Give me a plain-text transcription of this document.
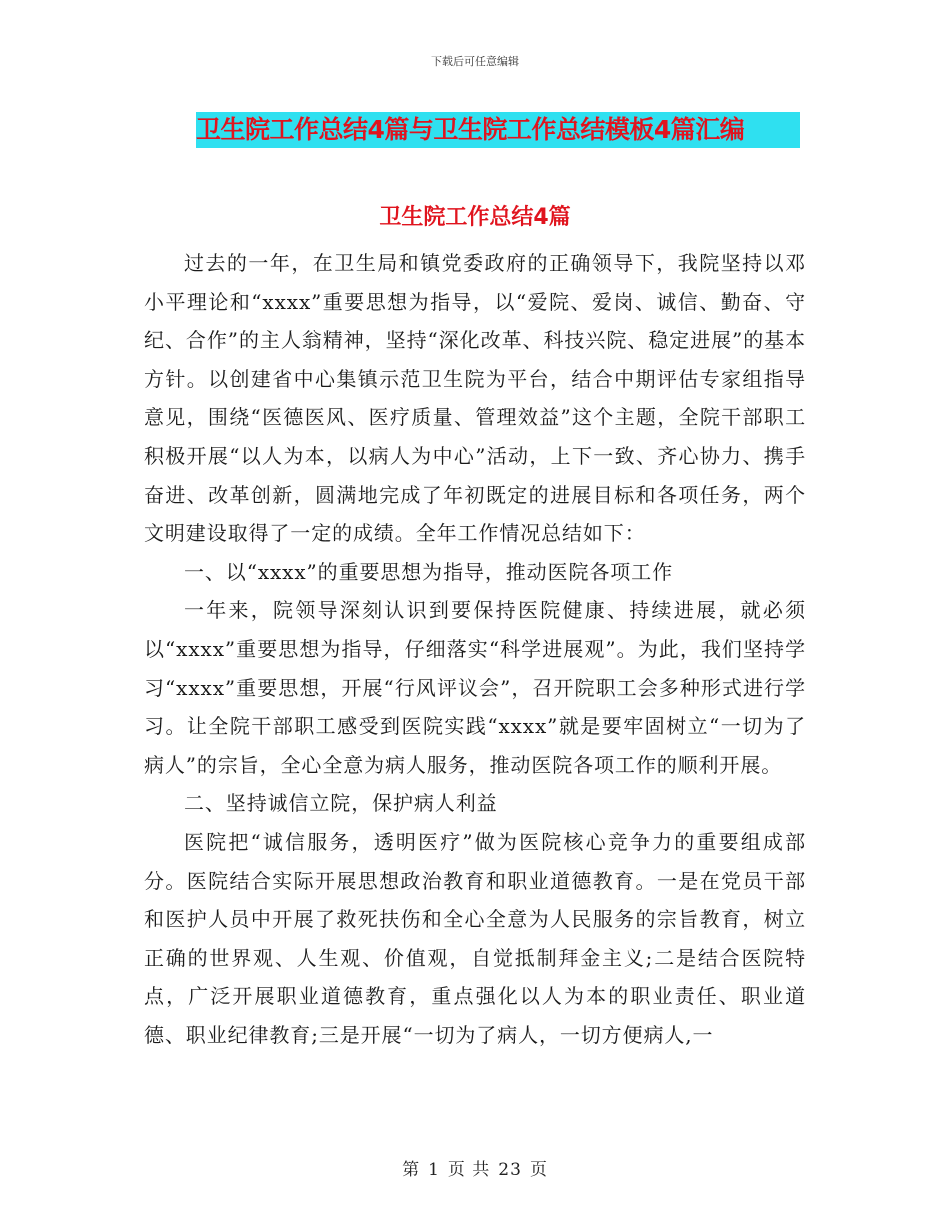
下载后可任意编辑
卫生院工作总结4篇与卫生院工作总结模板4篇汇编
卫生院工作总结4篇

过去的一年，在卫生局和镇党委政府的正确领导下，我院坚持以邓小平理论和“xxxx”重要思想为指导，以“爱院、爱岗、诚信、勤奋、守纪、合作”的主人翁精神，坚持“深化改革、科技兴院、稳定进展”的基本方针。以创建省中心集镇示范卫生院为平台，结合中期评估专家组指导意见，围绕“医德医风、医疗质量、管理效益”这个主题，全院干部职工积极开展“以人为本，以病人为中心”活动，上下一致、齐心协力、携手奋进、改革创新，圆满地完成了年初既定的进展目标和各项任务，两个文明建设取得了一定的成绩。全年工作情况总结如下：

一、以“xxxx”的重要思想为指导，推动医院各项工作

一年来，院领导深刻认识到要保持医院健康、持续进展，就必须以“xxxx”重要思想为指导，仔细落实“科学进展观”。为此，我们坚持学习“xxxx”重要思想，开展“行风评议会”，召开院职工会多种形式进行学习。让全院干部职工感受到医院实践“xxxx”就是要牢固树立“一切为了病人”的宗旨，全心全意为病人服务，推动医院各项工作的顺利开展。

二、坚持诚信立院，保护病人利益

医院把“诚信服务，透明医疗”做为医院核心竞争力的重要组成部分。医院结合实际开展思想政治教育和职业道德教育。一是在党员干部和医护人员中开展了救死扶伤和全心全意为人民服务的宗旨教育，树立正确的世界观、人生观、价值观，自觉抵制拜金主义;二是结合医院特点，广泛开展职业道德教育，重点强化以人为本的职业责任、职业道德、职业纪律教育;三是开展“一切为了病人，一切方便病人,一

第 1 页 共 23 页
